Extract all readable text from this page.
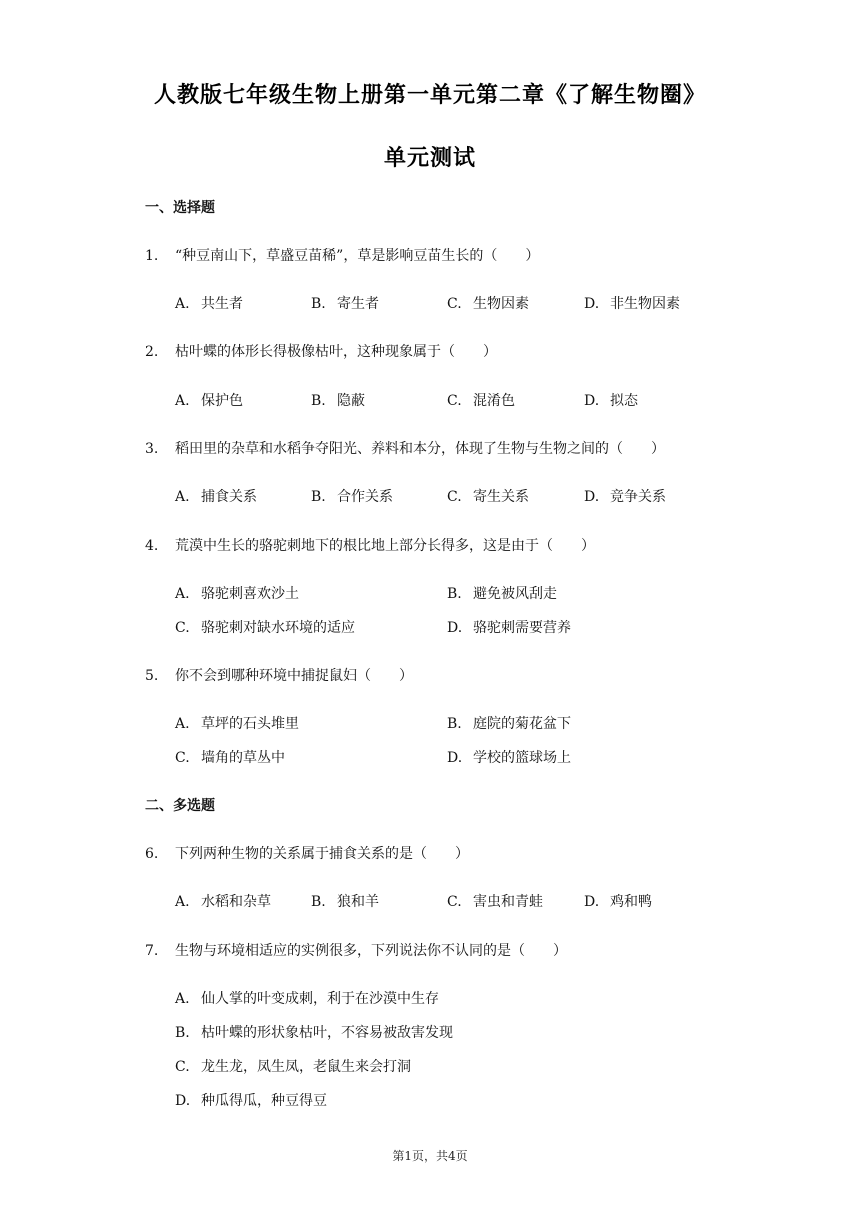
人教版七年级生物上册第一单元第二章《了解生物圈》
单元测试
一、选择题
1. “种豆南山下，草盛豆苗稀”，草是影响豆苗生长的（　　）
A. 共生者	B. 寄生者	C. 生物因素	D. 非生物因素
2. 枯叶蝶的体形长得极像枯叶，这种现象属于（　　）
A. 保护色	B. 隐蔽	C. 混淆色	D. 拟态
3. 稻田里的杂草和水稻争夺阳光、养料和本分，体现了生物与生物之间的（　　）
A. 捕食关系	B. 合作关系	C. 寄生关系	D. 竞争关系
4. 荒漠中生长的骆驼刺地下的根比地上部分长得多，这是由于（　　）
A. 骆驼刺喜欢沙土	B. 避免被风刮走
C. 骆驼刺对缺水环境的适应	D. 骆驼刺需要营养
5. 你不会到哪种环境中捕捉鼠妇（　　）
A. 草坪的石头堆里	B. 庭院的菊花盆下
C. 墙角的草丛中	D. 学校的篮球场上
二、多选题
6. 下列两种生物的关系属于捕食关系的是（　　）
A. 水稻和杂草	B. 狼和羊	C. 害虫和青蛙	D. 鸡和鸭
7. 生物与环境相适应的实例很多，下列说法你不认同的是（　　）
A. 仙人掌的叶变成刺，利于在沙漠中生存
B. 枯叶蝶的形状象枯叶，不容易被敌害发现
C. 龙生龙，凤生凤，老鼠生来会打洞
D. 种瓜得瓜，种豆得豆
第1页，共4页
